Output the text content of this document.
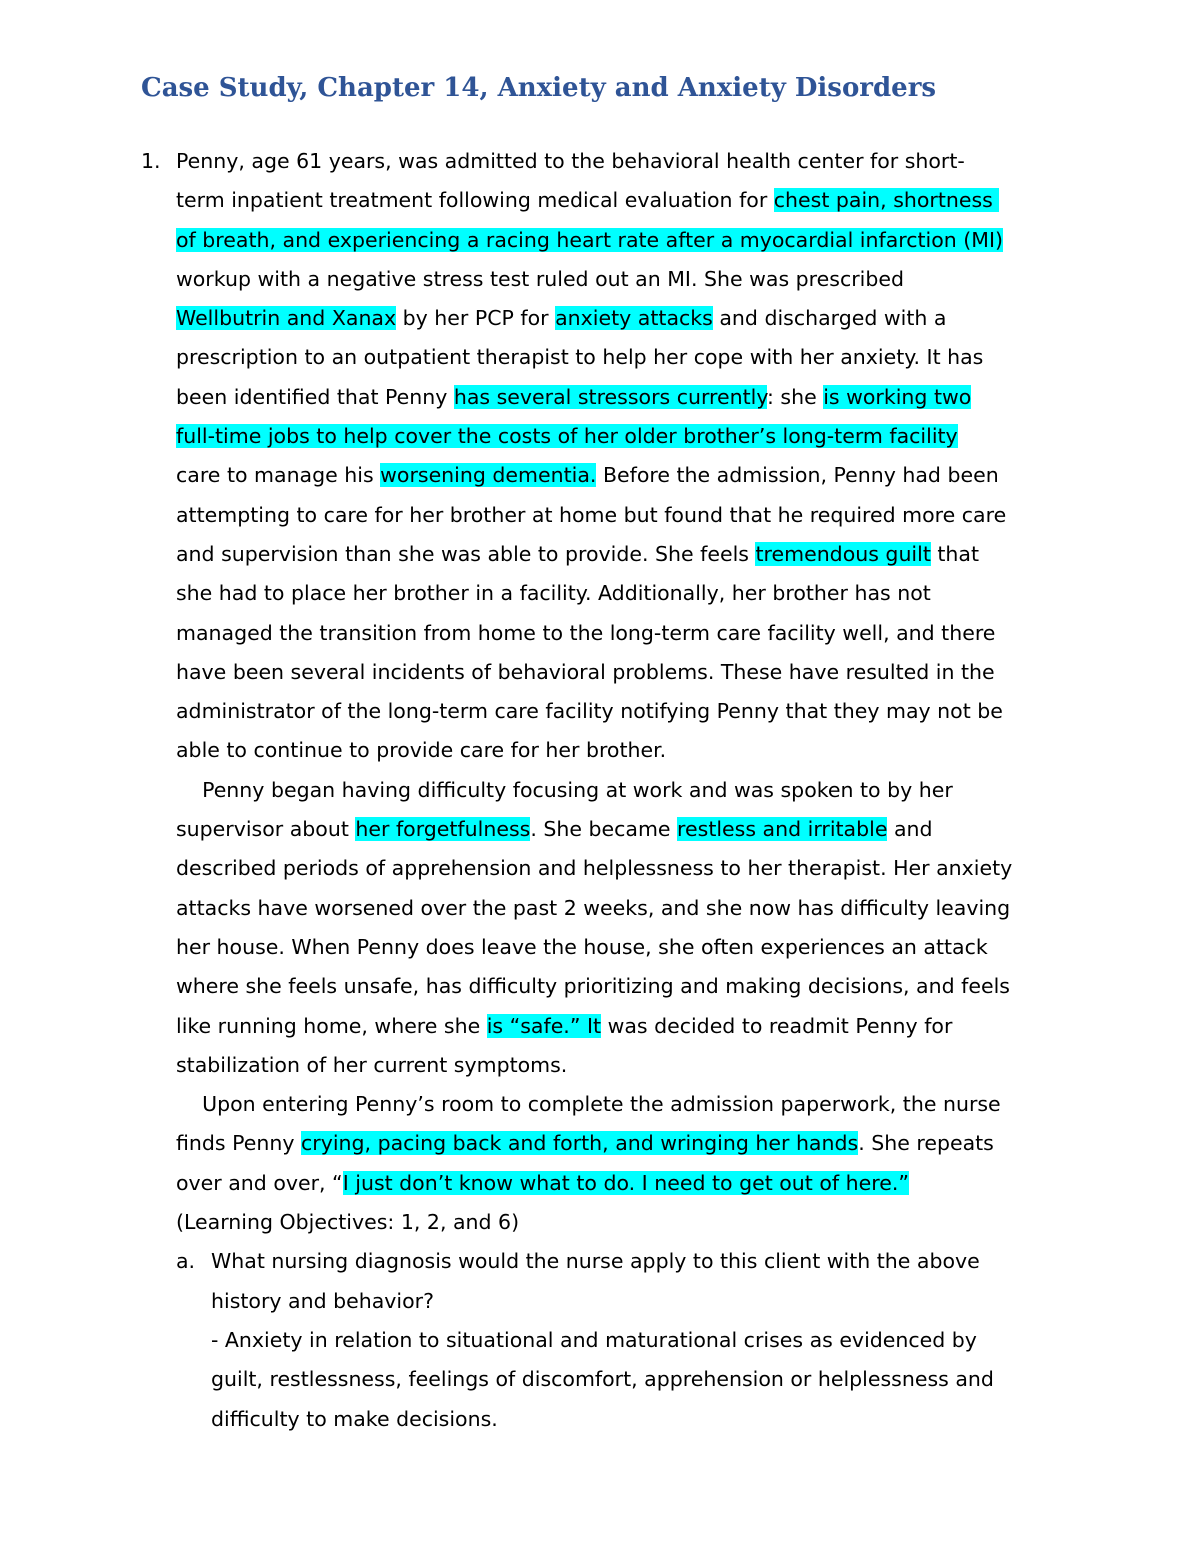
Case Study, Chapter 14, Anxiety and Anxiety Disorders
1. Penny, age 61 years, was admitted to the behavioral health center for short-
term inpatient treatment following medical evaluation for chest pain, shortness
of breath, and experiencing a racing heart rate after a myocardial infarction (MI)
workup with a negative stress test ruled out an MI. She was prescribed
Wellbutrin and Xanax by her PCP for anxiety attacks and discharged with a
prescription to an outpatient therapist to help her cope with her anxiety. It has
been identified that Penny has several stressors currently: she is working two
full-time jobs to help cover the costs of her older brother’s long-term facility
care to manage his worsening dementia. Before the admission, Penny had been
attempting to care for her brother at home but found that he required more care
and supervision than she was able to provide. She feels tremendous guilt that
she had to place her brother in a facility. Additionally, her brother has not
managed the transition from home to the long-term care facility well, and there
have been several incidents of behavioral problems. These have resulted in the
administrator of the long-term care facility notifying Penny that they may not be
able to continue to provide care for her brother.
Penny began having difficulty focusing at work and was spoken to by her
supervisor about her forgetfulness. She became restless and irritable and
described periods of apprehension and helplessness to her therapist. Her anxiety
attacks have worsened over the past 2 weeks, and she now has difficulty leaving
her house. When Penny does leave the house, she often experiences an attack
where she feels unsafe, has difficulty prioritizing and making decisions, and feels
like running home, where she is “safe.” It was decided to readmit Penny for
stabilization of her current symptoms.
Upon entering Penny’s room to complete the admission paperwork, the nurse
finds Penny crying, pacing back and forth, and wringing her hands. She repeats
over and over, “I just don’t know what to do. I need to get out of here.”
(Learning Objectives: 1, 2, and 6)
a. What nursing diagnosis would the nurse apply to this client with the above
history and behavior?
- Anxiety in relation to situational and maturational crises as evidenced by
guilt, restlessness, feelings of discomfort, apprehension or helplessness and
difficulty to make decisions.
